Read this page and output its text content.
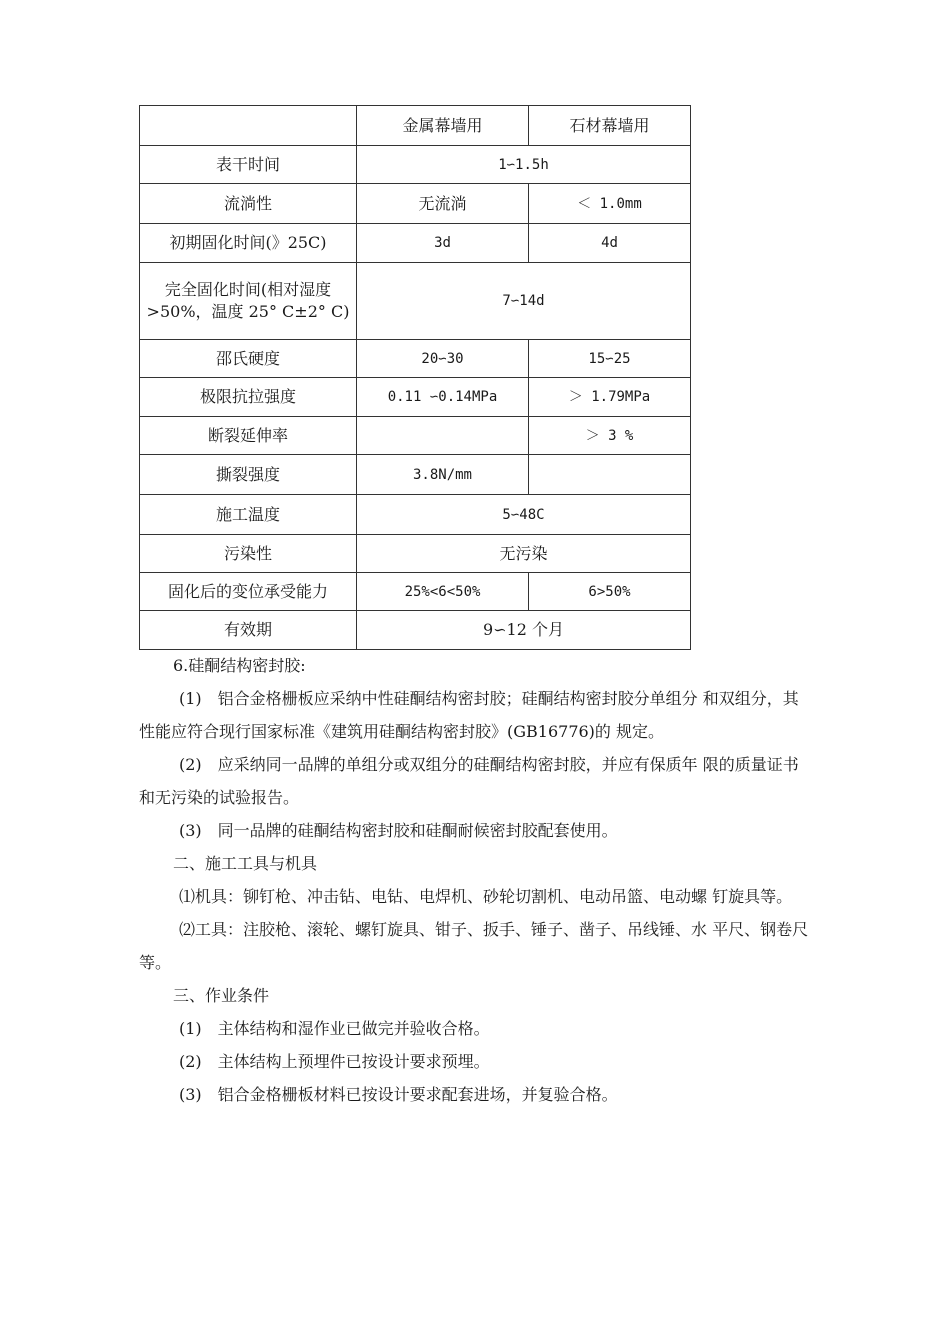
	金属幕墙用	石材幕墙用
表干时间	1∽1.5h	
流淌性	无流淌	＜ 1.0mm
初期固化时间(》25C)	3d	4d
完全固化时间(相对湿度>50%，温度 25° C±2° C)	7∽14d	
邵氏硬度	20∽30	15∽25
极限抗拉强度	0.11 ∽0.14MPa	＞ 1.79MPa
断裂延伸率		＞ 3 %
撕裂强度	3.8N/mm	
施工温度	5∽48C	
污染性	无污染	
固化后的变位承受能力	25%<6<50%	6>50%
有效期	9∽12 个月	

6.硅酮结构密封胶:

(1)　铝合金格栅板应采纳中性硅酮结构密封胶；硅酮结构密封胶分单组分 和双组分，其性能应符合现行国家标准《建筑用硅酮结构密封胶》(GB16776)的 规定。

(2)　应采纳同一品牌的单组分或双组分的硅酮结构密封胶，并应有保质年 限的质量证书和无污染的试验报告。

(3)　同一品牌的硅酮结构密封胶和硅酮耐候密封胶配套使用。

二、施工工具与机具

⑴机具：铆钉枪、冲击钻、电钻、电焊机、砂轮切割机、电动吊篮、电动螺 钉旋具等。

⑵工具：注胶枪、滚轮、螺钉旋具、钳子、扳手、锤子、凿子、吊线锤、水 平尺、钢卷尺等。

三、作业条件

(1)　主体结构和湿作业已做完并验收合格。

(2)　主体结构上预埋件已按设计要求预埋。

(3)　铝合金格栅板材料已按设计要求配套进场，并复验合格。
